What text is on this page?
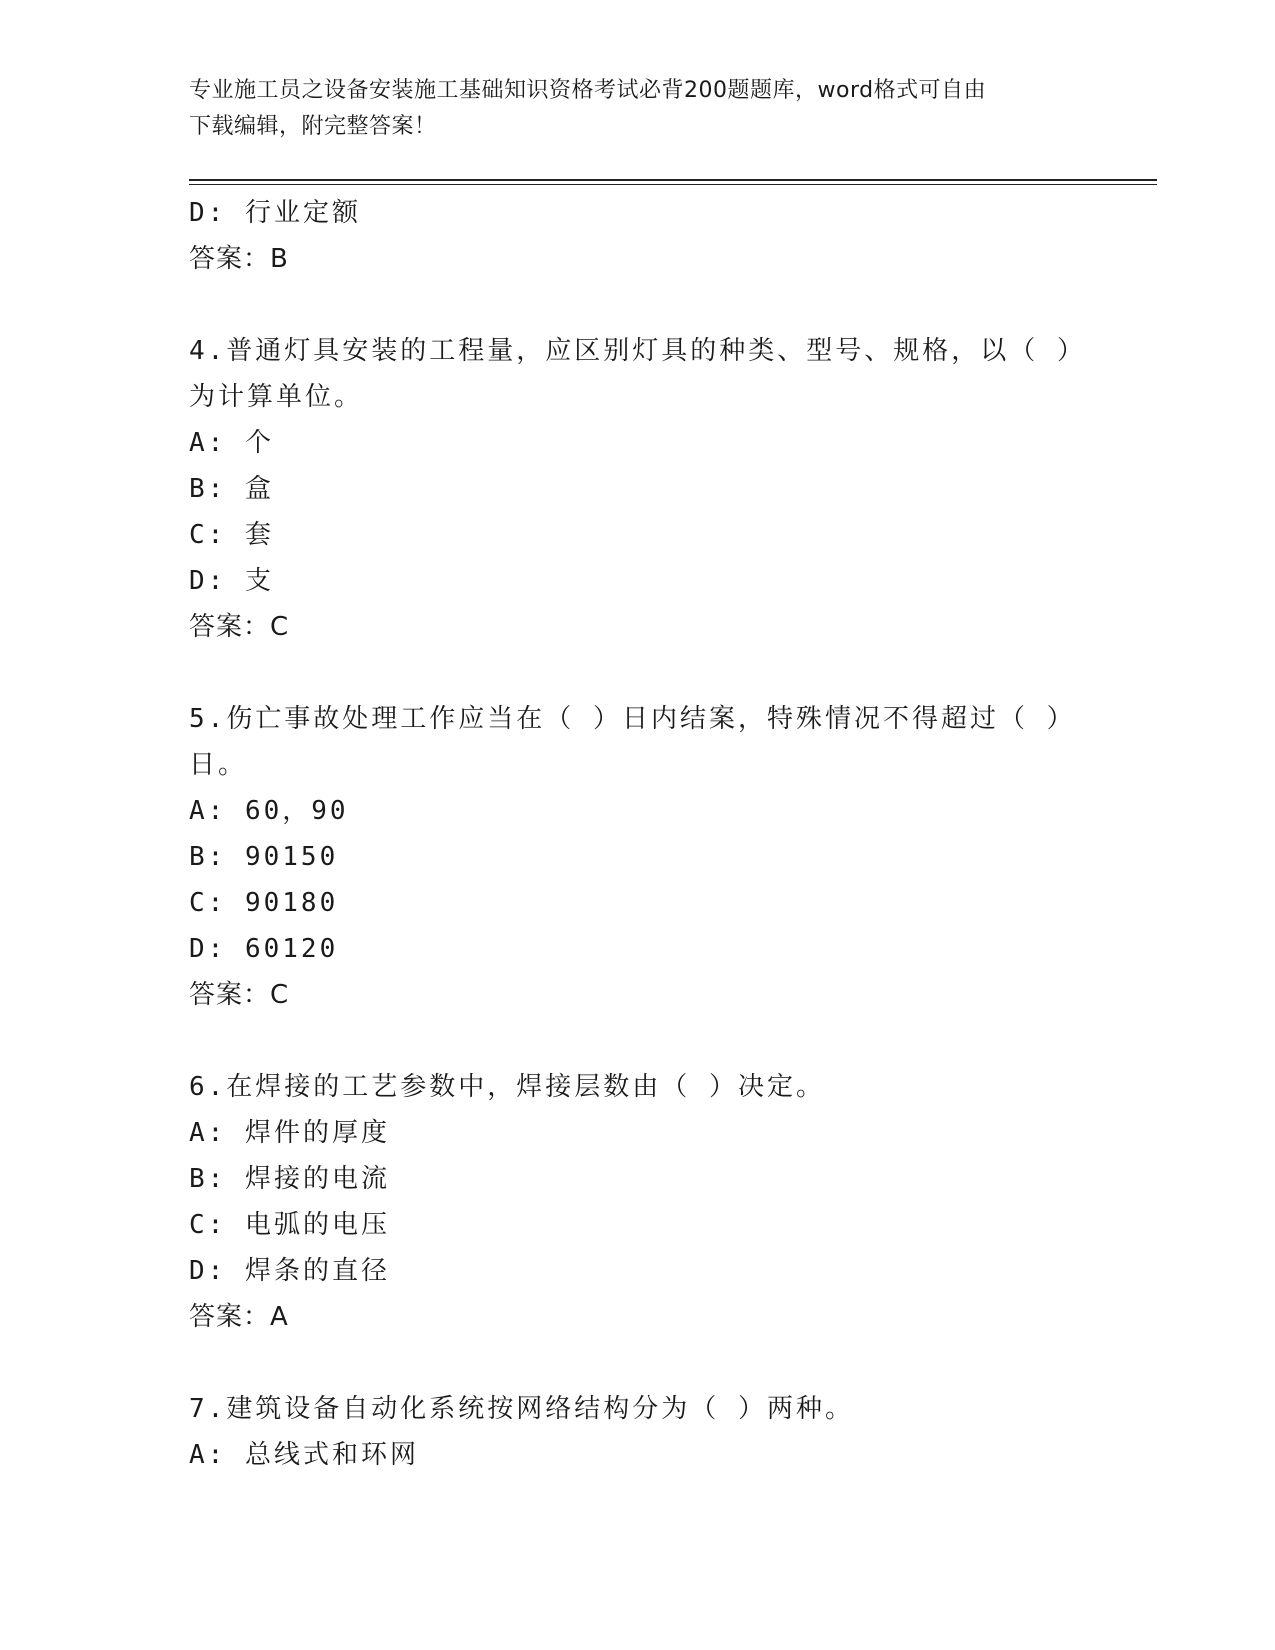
专业施工员之设备安装施工基础知识资格考试必背200题题库，word格式可自由
下载编辑，附完整答案！
D: 行业定额
答案：B
4.普通灯具安装的工程量，应区别灯具的种类、型号、规格，以（ ）
为计算单位。
A: 个
B: 盒
C: 套
D: 支
答案：C
5.伤亡事故处理工作应当在（ ）日内结案，特殊情况不得超过（ ）
日。
A: 60，90
B: 90150
C: 90180
D: 60120
答案：C
6.在焊接的工艺参数中，焊接层数由（ ）决定。
A: 焊件的厚度
B: 焊接的电流
C: 电弧的电压
D: 焊条的直径
答案：A
7.建筑设备自动化系统按网络结构分为（ ）两种。
A: 总线式和环网
